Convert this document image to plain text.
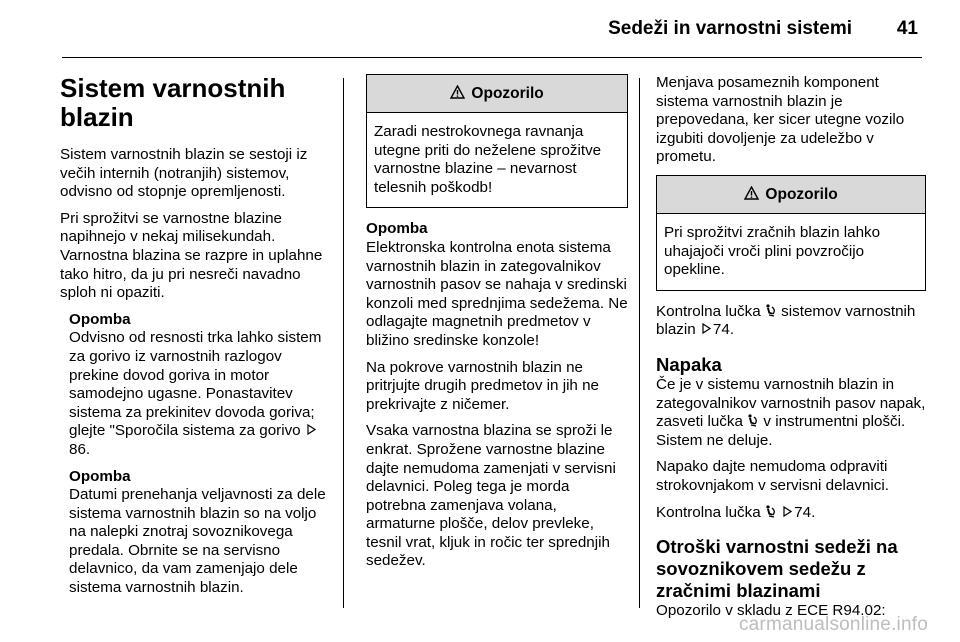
Sedeži in varnostni sistemi 41
Sistem varnostnih
blazin

Sistem varnostnih blazin se sestoji iz večih internih (notranjih) sistemov, odvisno od stopnje opremljenosti.

Pri sprožitvi se varnostne blazine napihnejo v nekaj milisekundah. Varnostna blazina se razpre in uplahne tako hitro, da ju pri nesreči navadno sploh ni opaziti.

Opomba

Odvisno od resnosti trka lahko sistem za gorivo iz varnostnih razlogov prekine dovod goriva in motor samodejno ugasne. Ponastavitev sistema za prekinitev dovoda goriva; glejte "Sporočila sistema za gorivo 86.

Opomba

Datumi prenehanja veljavnosti za dele sistema varnostnih blazin so na voljo na nalepki znotraj sovoznikovega predala. Obrnite se na servisno delavnico, da vam zamenjajo dele sistema varnostnih blazin.

Opozorilo
Zaradi nestrokovnega ravnanja utegne priti do neželene sprožitve varnostne blazine – nevarnost telesnih poškodb!
Opomba

Elektronska kontrolna enota sistema varnostnih blazin in zategovalnikov varnostnih pasov se nahaja v sredinski konzoli med sprednjima sedežema. Ne odlagajte magnetnih predmetov v bližino sredinske konzole!

Na pokrove varnostnih blazin ne pritrjujte drugih predmetov in jih ne prekrivajte z ničemer.

Vsaka varnostna blazina se sproži le enkrat. Sprožene varnostne blazine dajte nemudoma zamenjati v servisni delavnici. Poleg tega je morda potrebna zamenjava volana, armaturne plošče, delov prevleke, tesnil vrat, kljuk in ročic ter sprednjih sedežev.

Menjava posameznih komponent sistema varnostnih blazin je prepovedana, ker sicer utegne vozilo izgubiti dovoljenje za udeležbo v prometu.

Opozorilo
Pri sprožitvi zračnih blazin lahko uhajajoči vroči plini povzročijo opekline.

Kontrolna lučka sistemov varnostnih blazin 74.

Napaka

Če je v sistemu varnostnih blazin in zategovalnikov varnostnih pasov napak, zasveti lučka v instrumentni plošči. Sistem ne deluje.

Napako dajte nemudoma odpraviti strokovnjakom v servisni delavnici.

Kontrolna lučka 74.

Otroški varnostni sedeži na
sovoznikovem sedežu z
zračnimi blazinami

Opozorilo v skladu z ECE R94.02:

carmanualsonline.info
